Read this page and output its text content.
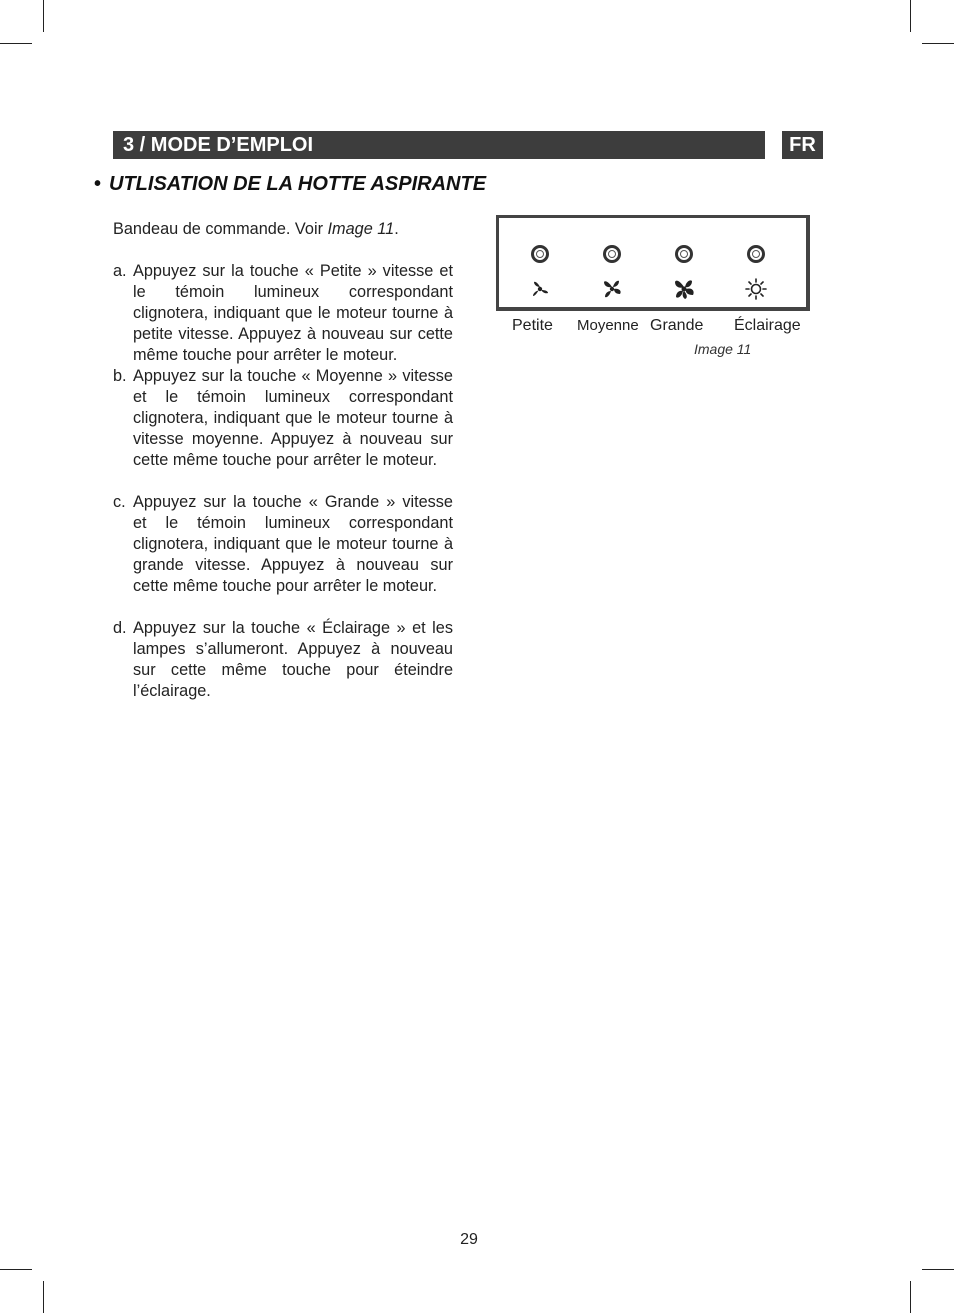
3 / MODE D’EMPLOI	FR
• UTLISATION DE LA HOTTE ASPIRANTE

Bandeau de commande. Voir Image 11.

a. Appuyez sur la touche « Petite » vitesse et le témoin lumineux correspondant clignotera, indiquant que le moteur tourne à petite vitesse. Appuyez à nouveau sur cette même touche pour arrêter le moteur.
b. Appuyez sur la touche « Moyenne » vitesse et le témoin lumineux correspondant clignotera, indiquant que le moteur tourne à vitesse moyenne. Appuyez à nouveau sur cette même touche pour arrêter le moteur.
c. Appuyez sur la touche « Grande » vitesse et le témoin lumineux correspondant clignotera, indiquant que le moteur tourne à grande vitesse. Appuyez à nouveau sur cette même touche pour arrêter le moteur.
d. Appuyez sur la touche « Éclairage » et les lampes s’allumeront. Appuyez à nouveau sur cette même touche pour éteindre l’éclairage.
Petite Moyenne Grande Éclairage
Image 11
29
